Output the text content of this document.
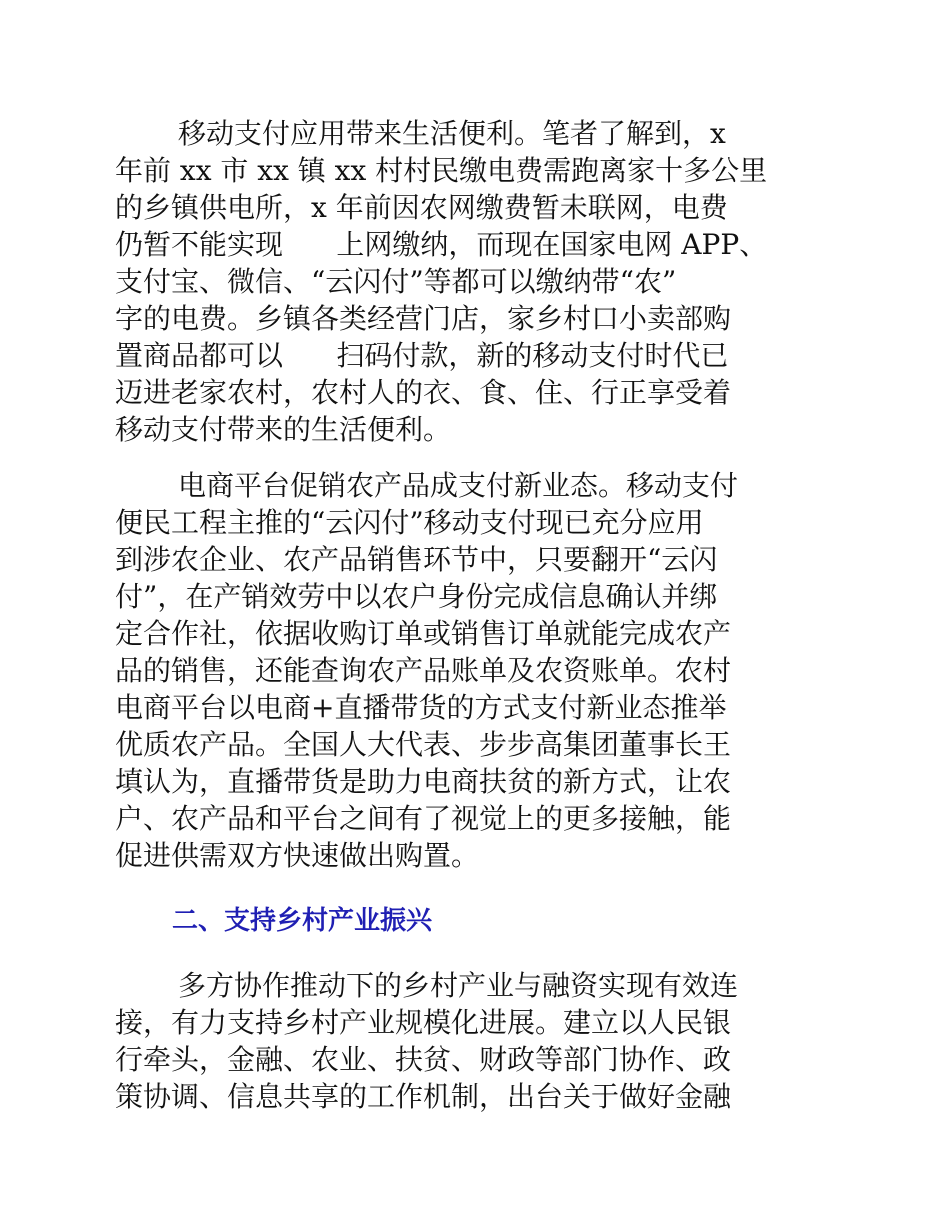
移动支付应用带来生活便利。笔者了解到，x
年前 xx 市 xx 镇 xx 村村民缴电费需跑离家十多公里
的乡镇供电所，x 年前因农网缴费暂未联网，电费
仍暂不能实现      上网缴纳，而现在国家电网 APP、
支付宝、微信、“云闪付”等都可以缴纳带“农”
字的电费。乡镇各类经营门店，家乡村口小卖部购
置商品都可以      扫码付款，新的移动支付时代已
迈进老家农村，农村人的衣、食、住、行正享受着
移动支付带来的生活便利。
电商平台促销农产品成支付新业态。移动支付
便民工程主推的“云闪付”移动支付现已充分应用
到涉农企业、农产品销售环节中，只要翻开“云闪
付”，在产销效劳中以农户身份完成信息确认并绑
定合作社，依据收购订单或销售订单就能完成农产
品的销售，还能查询农产品账单及农资账单。农村
电商平台以电商+直播带货的方式支付新业态推举
优质农产品。全国人大代表、步步高集团董事长王
填认为，直播带货是助力电商扶贫的新方式，让农
户、农产品和平台之间有了视觉上的更多接触，能
促进供需双方快速做出购置。
二、支持乡村产业振兴
多方协作推动下的乡村产业与融资实现有效连
接，有力支持乡村产业规模化进展。建立以人民银
行牵头，金融、农业、扶贫、财政等部门协作、政
策协调、信息共享的工作机制，出台关于做好金融
